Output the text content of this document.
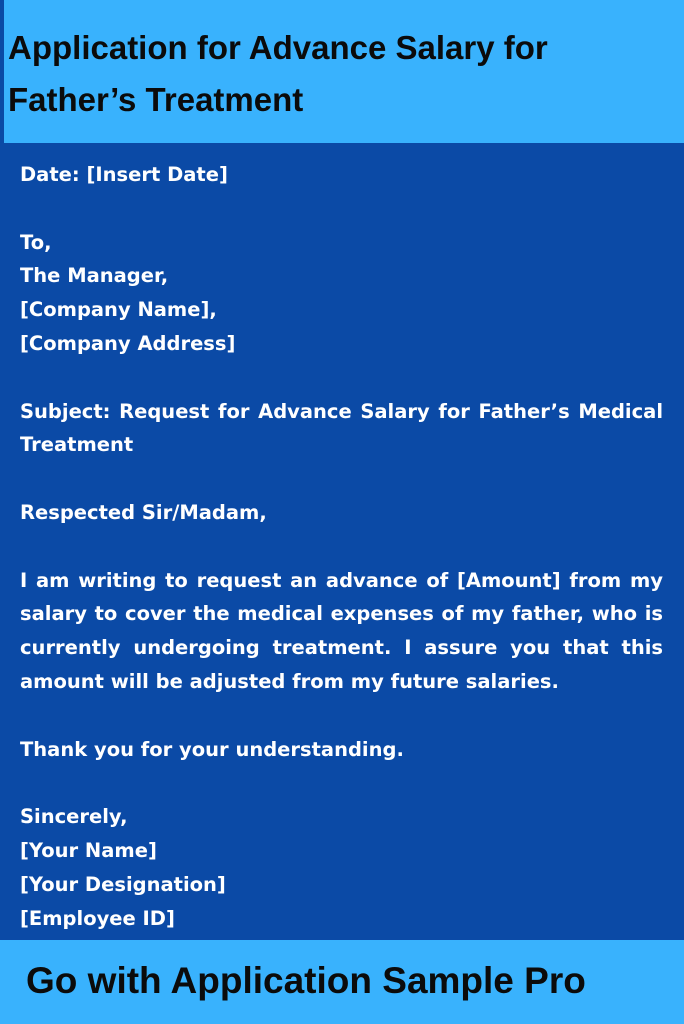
Application for Advance Salary for Father’s Treatment
Date: [Insert Date]
To,
The Manager,
[Company Name],
[Company Address]

Subject: Request for Advance Salary for Father’s Medical Treatment

Respected Sir/Madam,

I am writing to request an advance of [Amount] from my salary to cover the medical expenses of my father, who is currently undergoing treatment. I assure you that this amount will be adjusted from my future salaries.

Thank you for your understanding.
Sincerely,
[Your Name]
[Your Designation]
[Employee ID]

Go with Application Sample Pro
